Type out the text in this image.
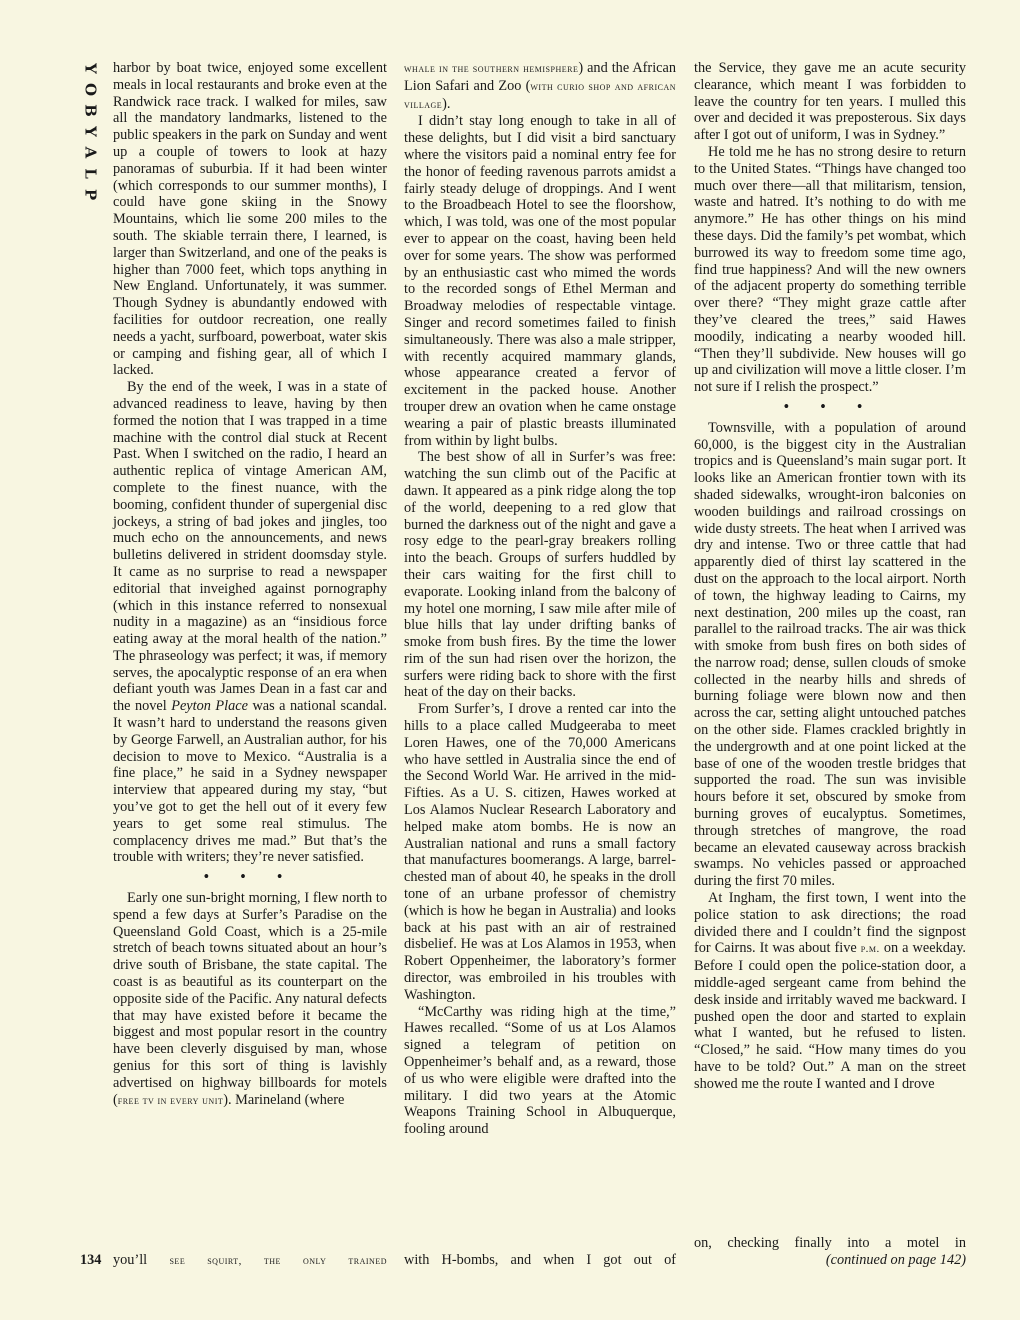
Y
O
B
Y
A
L
P

harbor by boat twice, enjoyed some excellent meals in local restaurants and broke even at the Randwick race track. I walked for miles, saw all the mandatory landmarks, listened to the public speakers in the park on Sunday and went up a couple of towers to look at hazy panoramas of suburbia. If it had been winter (which corresponds to our summer months), I could have gone skiing in the Snowy Mountains, which lie some 200 miles to the south. The skiable terrain there, I learned, is larger than Switzerland, and one of the peaks is higher than 7000 feet, which tops anything in New England. Unfortunately, it was summer. Though Sydney is abundantly endowed with facilities for outdoor recreation, one really needs a yacht, surfboard, powerboat, water skis or camping and fishing gear, all of which I lacked.

By the end of the week, I was in a state of advanced readiness to leave, having by then formed the notion that I was trapped in a time machine with the control dial stuck at Recent Past. When I switched on the radio, I heard an authentic replica of vintage American AM, complete to the finest nuance, with the booming, confident thunder of supergenial disc jockeys, a string of bad jokes and jingles, too much echo on the announcements, and news bulletins delivered in strident doomsday style. It came as no surprise to read a newspaper editorial that inveighed against pornography (which in this instance referred to nonsexual nudity in a magazine) as an “insidious force eating away at the moral health of the nation.” The phraseology was perfect; it was, if memory serves, the apocalyptic response of an era when defiant youth was James Dean in a fast car and the novel Peyton Place was a national scandal. It wasn’t hard to understand the reasons given by George Farwell, an Australian author, for his decision to move to Mexico. “Australia is a fine place,” he said in a Sydney newspaper interview that appeared during my stay, “but you’ve got to get the hell out of it every few years to get some real stimulus. The complacency drives me mad.” But that’s the trouble with writers; they’re never satisfied.

• • •

Early one sun-bright morning, I flew north to spend a few days at Surfer’s Paradise on the Queensland Gold Coast, which is a 25-mile stretch of beach towns situated about an hour’s drive south of Brisbane, the state capital. The coast is as beautiful as its counterpart on the opposite side of the Pacific. Any natural defects that may have existed before it became the biggest and most popular resort in the country have been cleverly disguised by man, whose genius for this sort of thing is lavishly advertised on highway billboards for motels (free tv in every unit). Marineland (where

you’ll see squirt, the only trained

whale in the southern hemisphere) and the African Lion Safari and Zoo (with curio shop and african village).

I didn’t stay long enough to take in all of these delights, but I did visit a bird sanctuary where the visitors paid a nominal entry fee for the honor of feeding ravenous parrots amidst a fairly steady deluge of droppings. And I went to the Broadbeach Hotel to see the floorshow, which, I was told, was one of the most popular ever to appear on the coast, having been held over for some years. The show was performed by an enthusiastic cast who mimed the words to the recorded songs of Ethel Merman and Broadway melodies of respectable vintage. Singer and record sometimes failed to finish simultaneously. There was also a male stripper, with recently acquired mammary glands, whose appearance created a fervor of excitement in the packed house. Another trouper drew an ovation when he came onstage wearing a pair of plastic breasts illuminated from within by light bulbs.

The best show of all in Surfer’s was free: watching the sun climb out of the Pacific at dawn. It appeared as a pink ridge along the top of the world, deepening to a red glow that burned the darkness out of the night and gave a rosy edge to the pearl-gray breakers rolling into the beach. Groups of surfers huddled by their cars waiting for the first chill to evaporate. Looking inland from the balcony of my hotel one morning, I saw mile after mile of blue hills that lay under drifting banks of smoke from bush fires. By the time the lower rim of the sun had risen over the horizon, the surfers were riding back to shore with the first heat of the day on their backs.

From Surfer’s, I drove a rented car into the hills to a place called Mudgeeraba to meet Loren Hawes, one of the 70,000 Americans who have settled in Australia since the end of the Second World War. He arrived in the mid-Fifties. As a U. S. citizen, Hawes worked at Los Alamos Nuclear Research Laboratory and helped make atom bombs. He is now an Australian national and runs a small factory that manufactures boomerangs. A large, barrel-chested man of about 40, he speaks in the droll tone of an urbane professor of chemistry (which is how he began in Australia) and looks back at his past with an air of restrained disbelief. He was at Los Alamos in 1953, when Robert Oppenheimer, the laboratory’s former director, was embroiled in his troubles with Washington.

“McCarthy was riding high at the time,” Hawes recalled. “Some of us at Los Alamos signed a telegram of petition on Oppenheimer’s behalf and, as a reward, those of us who were eligible were drafted into the military. I did two years at the Atomic Weapons Training School in Albuquerque, fooling around

with H-bombs, and when I got out of

the Service, they gave me an acute security clearance, which meant I was forbidden to leave the country for ten years. I mulled this over and decided it was preposterous. Six days after I got out of uniform, I was in Sydney.”

He told me he has no strong desire to return to the United States. “Things have changed too much over there—all that militarism, tension, waste and hatred. It’s nothing to do with me anymore.” He has other things on his mind these days. Did the family’s pet wombat, which burrowed its way to freedom some time ago, find true happiness? And will the new owners of the adjacent property do something terrible over there? “They might graze cattle after they’ve cleared the trees,” said Hawes moodily, indicating a nearby wooded hill. “Then they’ll subdivide. New houses will go up and civilization will move a little closer. I’m not sure if I relish the prospect.”

• • •

Townsville, with a population of around 60,000, is the biggest city in the Australian tropics and is Queensland’s main sugar port. It looks like an American frontier town with its shaded sidewalks, wrought-iron balconies on wooden buildings and railroad crossings on wide dusty streets. The heat when I arrived was dry and intense. Two or three cattle that had apparently died of thirst lay scattered in the dust on the approach to the local airport. North of town, the highway leading to Cairns, my next destination, 200 miles up the coast, ran parallel to the railroad tracks. The air was thick with smoke from bush fires on both sides of the narrow road; dense, sullen clouds of smoke collected in the nearby hills and shreds of burning foliage were blown now and then across the car, setting alight untouched patches on the other side. Flames crackled brightly in the undergrowth and at one point licked at the base of one of the wooden trestle bridges that supported the road. The sun was invisible hours before it set, obscured by smoke from burning groves of eucalyptus. Sometimes, through stretches of mangrove, the road became an elevated causeway across brackish swamps. No vehicles passed or approached during the first 70 miles.

At Ingham, the first town, I went into the police station to ask directions; the road divided there and I couldn’t find the signpost for Cairns. It was about five p.m. on a weekday. Before I could open the police-station door, a middle-aged sergeant came from behind the desk inside and irritably waved me backward. I pushed open the door and started to explain what I wanted, but he refused to listen. “Closed,” he said. “How many times do you have to be told? Out.” A man on the street showed me the route I wanted and I drove

on, checking finally into a motel in
(continued on page 142)
134
